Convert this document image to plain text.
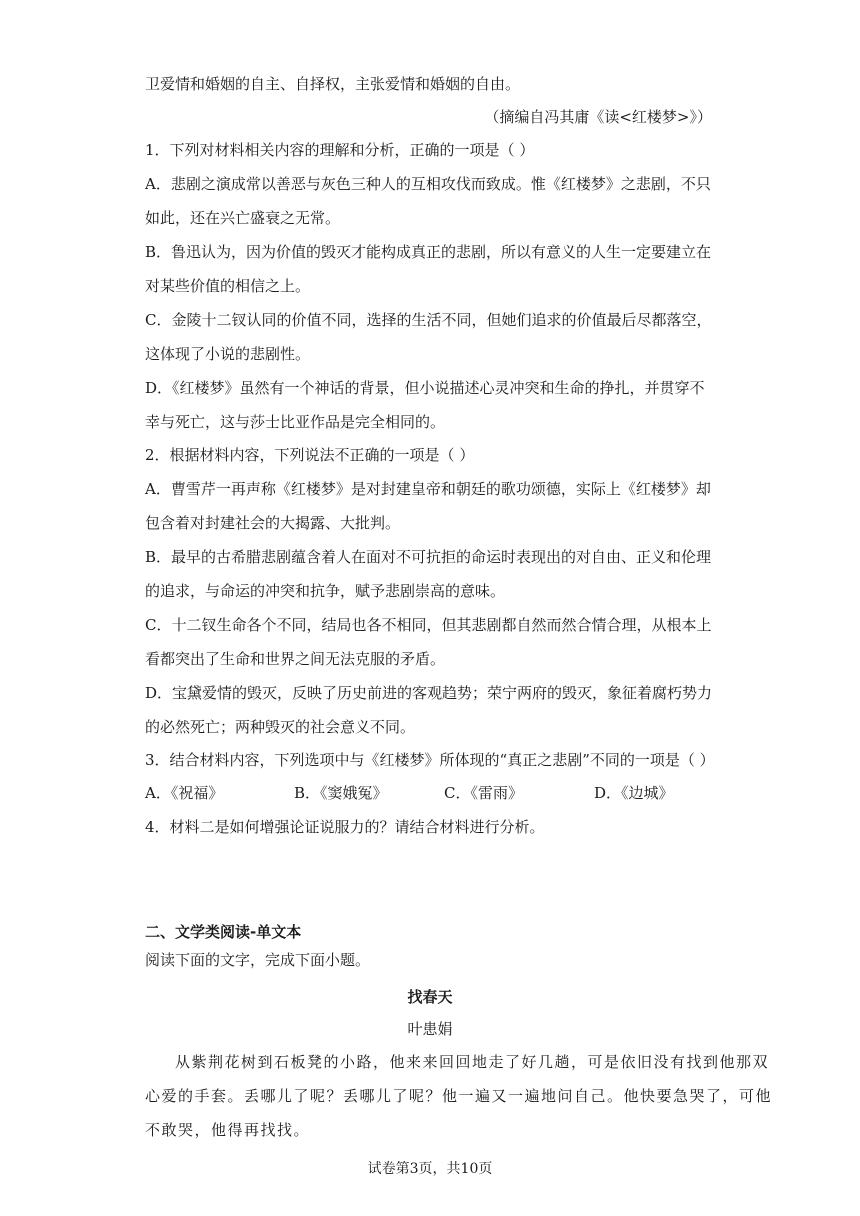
卫爱情和婚姻的自主、自择权，主张爱情和婚姻的自由。
（摘编自冯其庸《读<红楼梦>》）
1．下列对材料相关内容的理解和分析，正确的一项是（ ）
A．悲剧之演成常以善恶与灰色三种人的互相攻伐而致成。惟《红楼梦》之悲剧，不只
如此，还在兴亡盛衰之无常。
B．鲁迅认为，因为价值的毁灭才能构成真正的悲剧，所以有意义的人生一定要建立在
对某些价值的相信之上。
C．金陵十二钗认同的价值不同，选择的生活不同，但她们追求的价值最后尽都落空，
这体现了小说的悲剧性。
D．《红楼梦》虽然有一个神话的背景，但小说描述心灵冲突和生命的挣扎，并贯穿不
幸与死亡，这与莎士比亚作品是完全相同的。
2．根据材料内容，下列说法不正确的一项是（ ）
A．曹雪芹一再声称《红楼梦》是对封建皇帝和朝廷的歌功颂德，实际上《红楼梦》却
包含着对封建社会的大揭露、大批判。
B．最早的古希腊悲剧蕴含着人在面对不可抗拒的命运时表现出的对自由、正义和伦理
的追求，与命运的冲突和抗争，赋予悲剧崇高的意味。
C．十二钗生命各个不同，结局也各不相同，但其悲剧都自然而然合情合理，从根本上
看都突出了生命和世界之间无法克服的矛盾。
D．宝黛爱情的毁灭，反映了历史前进的客观趋势；荣宁两府的毁灭，象征着腐朽势力
的必然死亡；两种毁灭的社会意义不同。
3．结合材料内容，下列选项中与《红楼梦》所体现的“真正之悲剧”不同的一项是（ ）
A．《祝福》	B．《窦娥冤》	C．《雷雨》	D．《边城》
4．材料二是如何增强论证说服力的？请结合材料进行分析。
二、文学类阅读-单文本
阅读下面的文字，完成下面小题。
找春天
叶患娟
从紫荆花树到石板凳的小路，他来来回回地走了好几趟，可是依旧没有找到他那双
心爱的手套。丢哪儿了呢？丢哪儿了呢？他一遍又一遍地问自己。他快要急哭了，可他
不敢哭，他得再找找。
试卷第3页，共10页
